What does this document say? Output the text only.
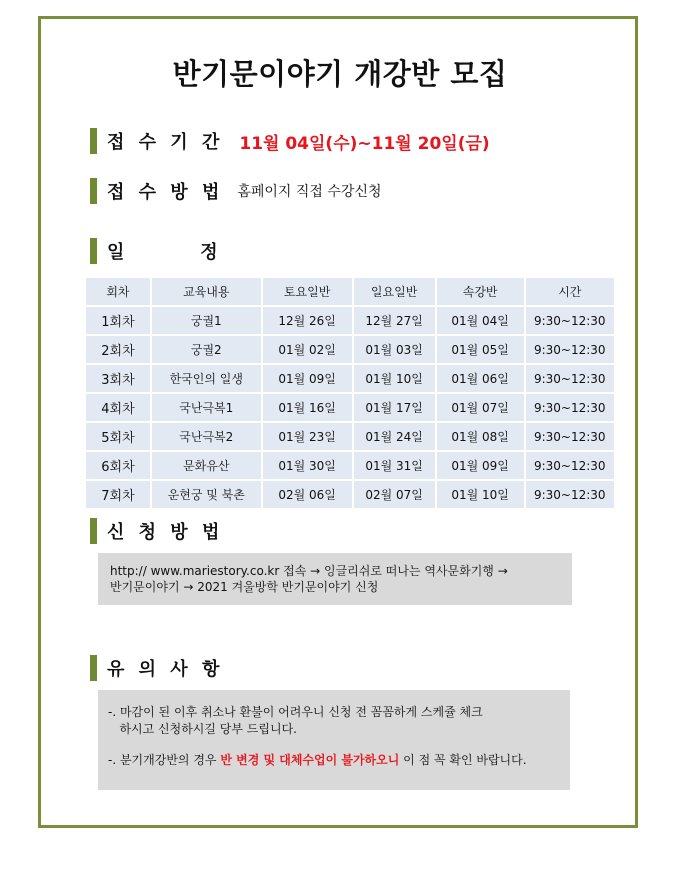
반기문이야기 개강반 모집
접 수 기 간 11월 04일(수)~11월 20일(금)
접 수 방 법 홈페이지 직접 수강신청
일       정
회차	교육내용	토요일반	일요일반	속강반	시간
1회차	궁궐1	12월 26일	12월 27일	01월 04일	9:30~12:30
2회차	궁궐2	01월 02일	01월 03일	01월 05일	9:30~12:30
3회차	한국인의 일생	01월 09일	01월 10일	01월 06일	9:30~12:30
4회차	국난극복1	01월 16일	01월 17일	01월 07일	9:30~12:30
5회차	국난극복2	01월 23일	01월 24일	01월 08일	9:30~12:30
6회차	문화유산	01월 30일	01월 31일	01월 09일	9:30~12:30
7회차	운현궁 및 북촌	02월 06일	02월 07일	01월 10일	9:30~12:30
신 청 방 법
http:// www.mariestory.co.kr 접속 → 잉글리쉬로 떠나는 역사문화기행 →
반기문이야기 → 2021 겨울방학 반기문이야기 신청
유 의 사 항
-. 마감이 된 이후 취소나 환불이 어려우니 신청 전 꼼꼼하게 스케쥴 체크
하시고 신청하시길 당부 드립니다.
-. 분기개강반의 경우 반 변경 및 대체수업이 불가하오니 이 점 꼭 확인 바랍니다.
